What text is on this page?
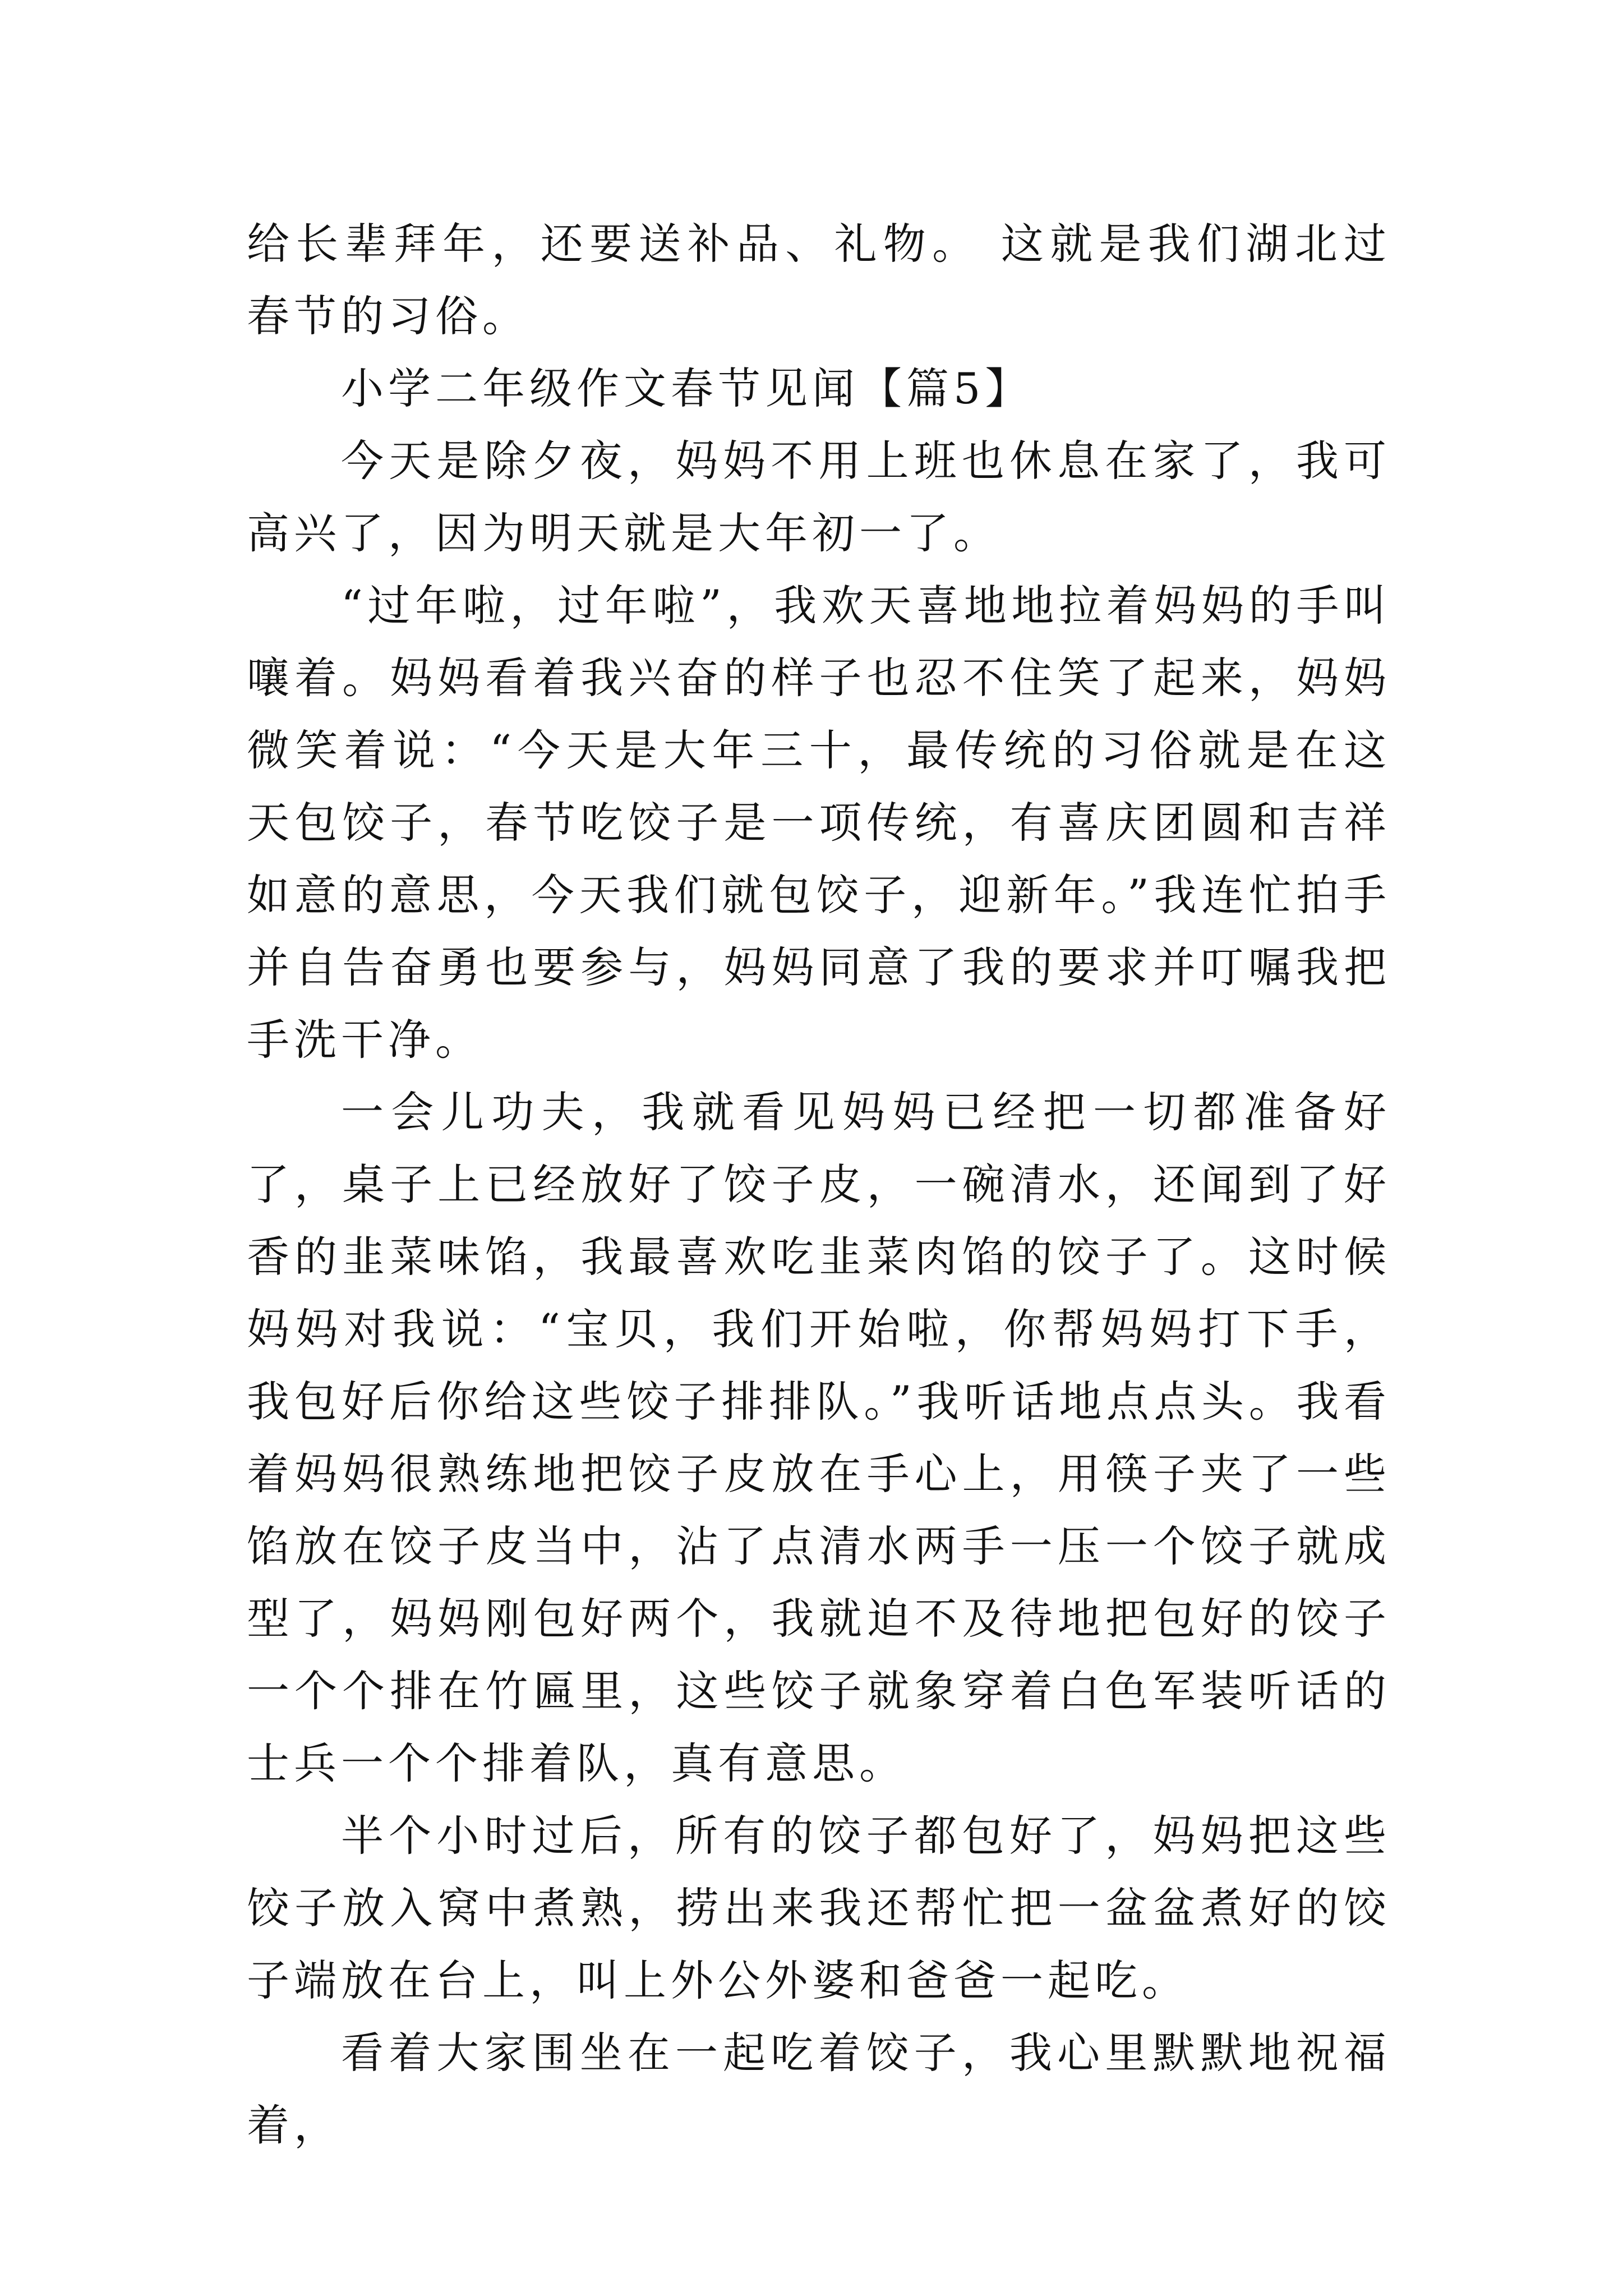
给长辈拜年，还要送补品、礼物。 这就是我们湖北过春节的习俗。

小学二年级作文春节见闻【篇5】

今天是除夕夜，妈妈不用上班也休息在家了，我可高兴了，因为明天就是大年初一了。

“过年啦，过年啦”，我欢天喜地地拉着妈妈的手叫嚷着。妈妈看着我兴奋的样子也忍不住笑了起来，妈妈微笑着说：“今天是大年三十，最传统的习俗就是在这天包饺子，春节吃饺子是一项传统，有喜庆团圆和吉祥如意的意思，今天我们就包饺子，迎新年。”我连忙拍手并自告奋勇也要参与，妈妈同意了我的要求并叮嘱我把手洗干净。

一会儿功夫，我就看见妈妈已经把一切都准备好了，桌子上已经放好了饺子皮，一碗清水，还闻到了好香的韭菜味馅，我最喜欢吃韭菜肉馅的饺子了。这时候妈妈对我说：“宝贝，我们开始啦，你帮妈妈打下手，我包好后你给这些饺子排排队。”我听话地点点头。我看着妈妈很熟练地把饺子皮放在手心上，用筷子夹了一些馅放在饺子皮当中，沾了点清水两手一压一个饺子就成型了，妈妈刚包好两个，我就迫不及待地把包好的饺子一个个排在竹匾里，这些饺子就象穿着白色军装听话的士兵一个个排着队，真有意思。

半个小时过后，所有的饺子都包好了，妈妈把这些饺子放入窝中煮熟，捞出来我还帮忙把一盆盆煮好的饺子端放在台上，叫上外公外婆和爸爸一起吃。

看着大家围坐在一起吃着饺子，我心里默默地祝福着，
